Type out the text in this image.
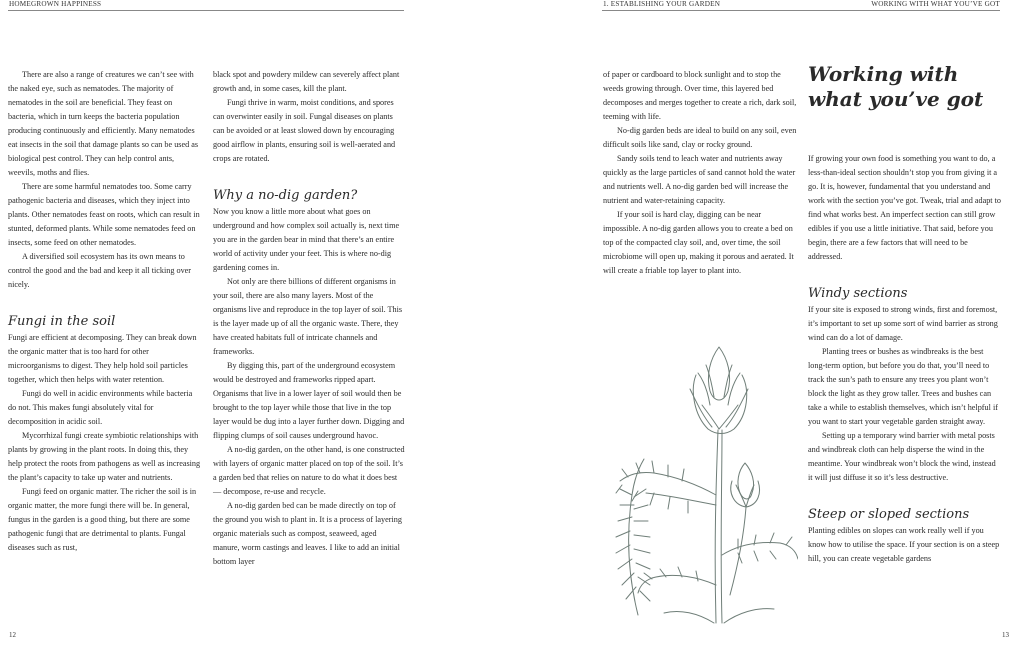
HOMEGROWN HAPPINESS

There are also a range of creatures we can’t see with the naked eye, such as nematodes. The majority of nematodes in the soil are beneficial. They feast on bacteria, which in turn keeps the bacteria population producing continuously and efficiently. Many nematodes eat insects in the soil that damage plants so can be used as biological pest control. They can help control ants, weevils, moths and flies.

There are some harmful nematodes too. Some carry pathogenic bacteria and diseases, which they inject into plants. Other nematodes feast on roots, which can result in stunted, deformed plants. While some nematodes feed on insects, some feed on other nematodes.

A diversified soil ecosystem has its own means to control the good and the bad and keep it all ticking over nicely.

Fungi in the soil

Fungi are efficient at decomposing. They can break down the organic matter that is too hard for other microorganisms to digest. They help hold soil particles together, which then helps with water retention.

Fungi do well in acidic environments while bacteria do not. This makes fungi absolutely vital for decomposition in acidic soil.

Mycorrhizal fungi create symbiotic relationships with plants by growing in the plant roots. In doing this, they help protect the roots from pathogens as well as increasing the plant’s capacity to take up water and nutrients.

Fungi feed on organic matter. The richer the soil is in organic matter, the more fungi there will be. In general, fungus in the garden is a good thing, but there are some pathogenic fungi that are detrimental to plants. Fungal diseases such as rust,

black spot and powdery mildew can severely affect plant growth and, in some cases, kill the plant.

Fungi thrive in warm, moist conditions, and spores can overwinter easily in soil. Fungal diseases on plants can be avoided or at least slowed down by encouraging good airflow in plants, ensuring soil is well-aerated and crops are rotated.

Why a no-dig garden?

Now you know a little more about what goes on underground and how complex soil actually is, next time you are in the garden bear in mind that there’s an entire world of activity under your feet. This is where no-dig gardening comes in.

Not only are there billions of different organisms in your soil, there are also many layers. Most of the organisms live and reproduce in the top layer of soil. This is the layer made up of all the organic waste. There, they have created habitats full of intricate channels and frameworks.

By digging this, part of the underground ecosystem would be destroyed and frameworks ripped apart. Organisms that live in a lower layer of soil would then be brought to the top layer while those that live in the top layer would be dug into a layer further down. Digging and flipping clumps of soil causes underground havoc.

A no-dig garden, on the other hand, is one constructed with layers of organic matter placed on top of the soil. It’s a garden bed that relies on nature to do what it does best — decompose, re-use and recycle.

A no-dig garden bed can be made directly on top of the ground you wish to plant in. It is a process of layering organic materials such as compost, seaweed, aged manure, worm castings and leaves. I like to add an initial bottom layer

12
1. ESTABLISHING YOUR GARDEN	WORKING WITH WHAT YOU’VE GOT

of paper or cardboard to block sunlight and to stop the weeds growing through. Over time, this layered bed decomposes and merges together to create a rich, dark soil, teeming with life.

No-dig garden beds are ideal to build on any soil, even difficult soils like sand, clay or rocky ground.

Sandy soils tend to leach water and nutrients away quickly as the large particles of sand cannot hold the water and nutrients well. A no-dig garden bed will increase the nutrient and water-retaining capacity.

If your soil is hard clay, digging can be near impossible. A no-dig garden allows you to create a bed on top of the compacted clay soil, and, over time, the soil microbiome will open up, making it porous and aerated. It will create a friable top layer to plant into.

Working with
what you’ve got

If growing your own food is something you want to do, a less-than-ideal section shouldn’t stop you from giving it a go. It is, however, fundamental that you understand and work with the section you’ve got. Tweak, trial and adapt to find what works best. An imperfect section can still grow edibles if you use a little initiative. That said, before you begin, there are a few factors that will need to be addressed.

Windy sections

If your site is exposed to strong winds, first and foremost, it’s important to set up some sort of wind barrier as strong wind can do a lot of damage.

Planting trees or bushes as windbreaks is the best long-term option, but before you do that, you’ll need to track the sun’s path to ensure any trees you plant won’t block the light as they grow taller. Trees and bushes can take a while to establish themselves, which isn’t helpful if you want to start your vegetable garden straight away.

Setting up a temporary wind barrier with metal posts and windbreak cloth can help disperse the wind in the meantime. Your windbreak won’t block the wind, instead it will just diffuse it so it’s less destructive.

Steep or sloped sections

Planting edibles on slopes can work really well if you know how to utilise the space. If your section is on a steep hill, you can create vegetable gardens

13
